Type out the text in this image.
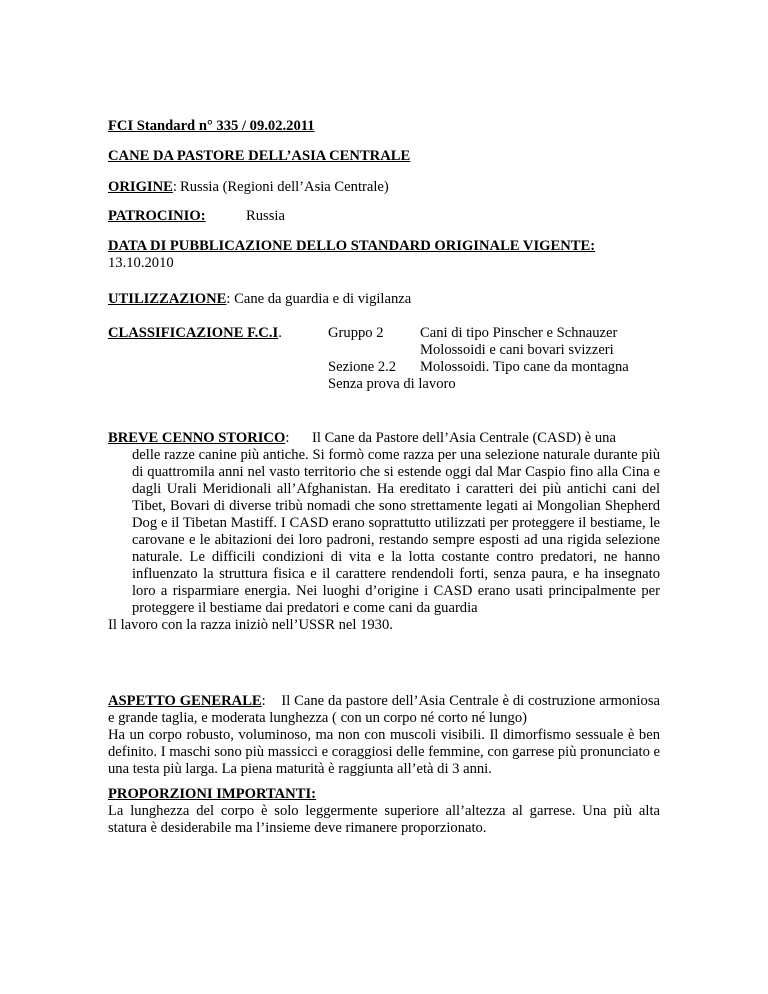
FCI Standard n° 335 / 09.02.2011
CANE DA PASTORE DELL’ASIA CENTRALE
ORIGINE: Russia (Regioni dell’Asia Centrale)
PATROCINIO:	Russia
DATA DI PUBBLICAZIONE DELLO STANDARD ORIGINALE VIGENTE:
13.10.2010
UTILIZZAZIONE: Cane da guardia e di vigilanza
CLASSIFICAZIONE F.C.I.	Gruppo 2 Cani di tipo Pinscher e Schnauzer
Molossoidi e cani bovari svizzeri
Sezione 2.2 Molossoidi. Tipo cane da montagna
Senza prova di lavoro
BREVE CENNO STORICO: Il Cane da Pastore dell’Asia Centrale (CASD) è una
delle razze canine più antiche. Si formò come razza per una selezione naturale durante più di quattromila anni nel vasto territorio che si estende oggi dal Mar Caspio fino alla Cina e dagli Urali Meridionali all’Afghanistan. Ha ereditato i caratteri dei più antichi cani del Tibet, Bovari di diverse tribù nomadi che sono strettamente legati ai Mongolian Shepherd Dog e il Tibetan Mastiff. I CASD erano soprattutto utilizzati per proteggere il bestiame, le carovane e le abitazioni dei loro padroni, restando sempre esposti ad una rigida selezione naturale. Le difficili condizioni di vita e la lotta costante contro predatori, ne hanno influenzato la struttura fisica e il carattere rendendoli forti, senza paura, e ha insegnato loro a risparmiare energia. Nei luoghi d’origine i CASD erano usati principalmente per proteggere il bestiame dai predatori e come cani da guardia
Il lavoro con la razza iniziò nell’USSR nel 1930.
ASPETTO GENERALE: Il Cane da pastore dell’Asia Centrale è di costruzione armoniosa e grande taglia, e moderata lunghezza ( con un corpo né corto né lungo)
Ha un corpo robusto, voluminoso, ma non con muscoli visibili. Il dimorfismo sessuale è ben definito. I maschi sono più massicci e coraggiosi delle femmine, con garrese più pronunciato e una testa più larga. La piena maturità è raggiunta all’età di 3 anni.
PROPORZIONI IMPORTANTI:
La lunghezza del corpo è solo leggermente superiore all’altezza al garrese. Una più alta statura è desiderabile ma l’insieme deve rimanere proporzionato.
